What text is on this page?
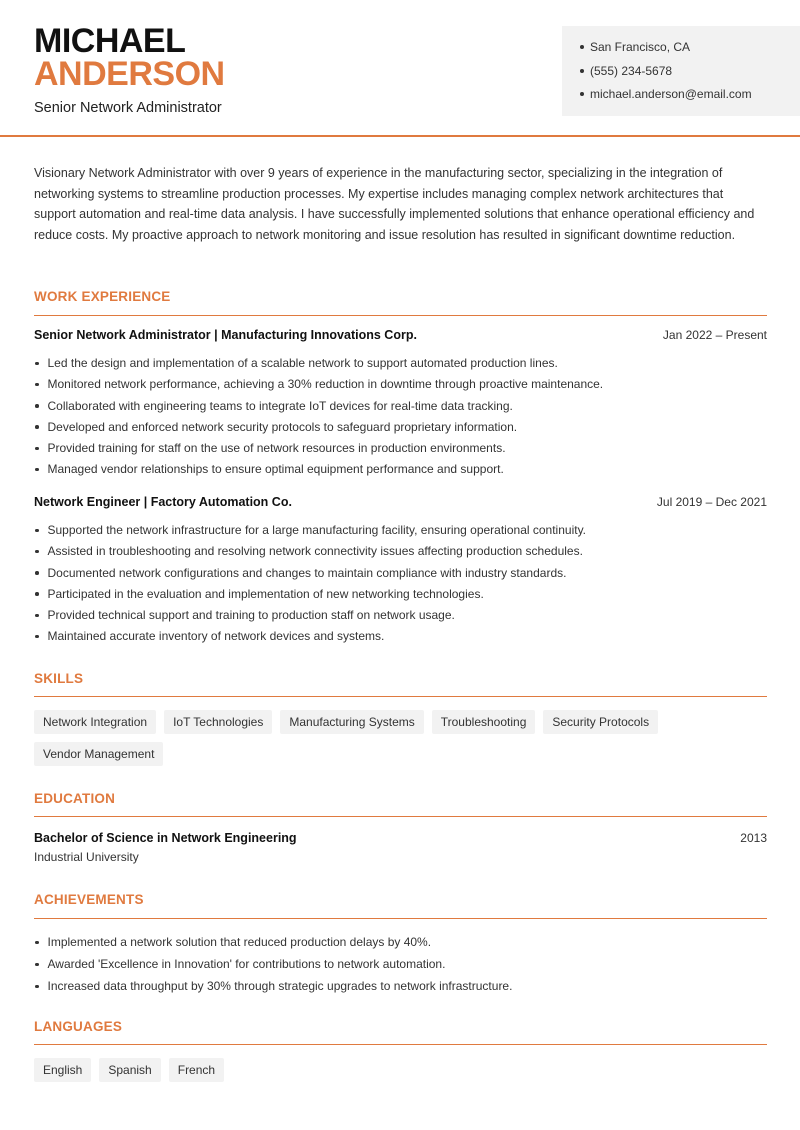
MICHAEL
ANDERSON
Senior Network Administrator
San Francisco, CA
(555) 234-5678
michael.anderson@email.com

Visionary Network Administrator with over 9 years of experience in the manufacturing sector, specializing in the integration of networking systems to streamline production processes. My expertise includes managing complex network architectures that support automation and real-time data analysis. I have successfully implemented solutions that enhance operational efficiency and reduce costs. My proactive approach to network monitoring and issue resolution has resulted in significant downtime reduction.

WORK EXPERIENCE
Senior Network Administrator | Manufacturing Innovations Corp.	Jan 2022 – Present
Led the design and implementation of a scalable network to support automated production lines.
Monitored network performance, achieving a 30% reduction in downtime through proactive maintenance.
Collaborated with engineering teams to integrate IoT devices for real-time data tracking.
Developed and enforced network security protocols to safeguard proprietary information.
Provided training for staff on the use of network resources in production environments.
Managed vendor relationships to ensure optimal equipment performance and support.
Network Engineer | Factory Automation Co.	Jul 2019 – Dec 2021
Supported the network infrastructure for a large manufacturing facility, ensuring operational continuity.
Assisted in troubleshooting and resolving network connectivity issues affecting production schedules.
Documented network configurations and changes to maintain compliance with industry standards.
Participated in the evaluation and implementation of new networking technologies.
Provided technical support and training to production staff on network usage.
Maintained accurate inventory of network devices and systems.
SKILLS
Network Integration	IoT Technologies	Manufacturing Systems	Troubleshooting	Security Protocols
Vendor Management
EDUCATION
Bachelor of Science in Network Engineering	2013
Industrial University
ACHIEVEMENTS
Implemented a network solution that reduced production delays by 40%.
Awarded 'Excellence in Innovation' for contributions to network automation.
Increased data throughput by 30% through strategic upgrades to network infrastructure.
LANGUAGES
English	Spanish	French
